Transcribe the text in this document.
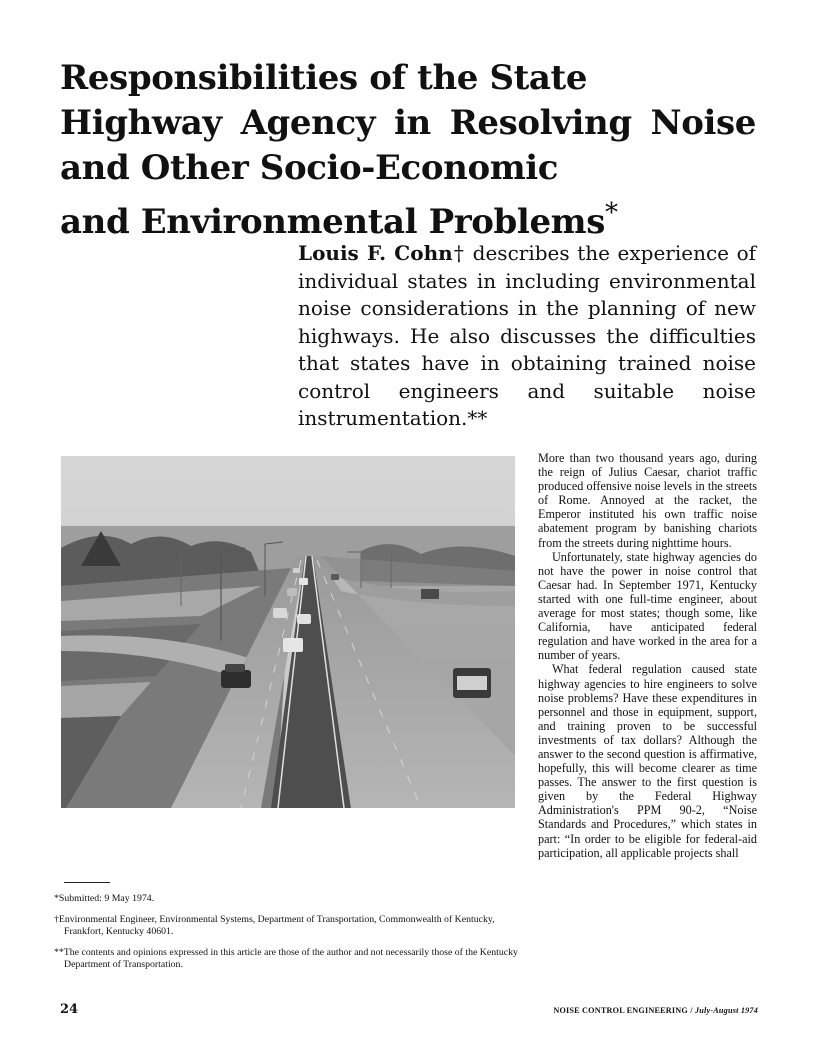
Responsibilities of the State
Highway Agency in Resolving Noise
and Other Socio-Economic
and Environmental Problems*

Louis F. Cohn† describes the experience of individual states in including environmental noise considerations in the planning of new highways. He also discusses the difficulties that states have in obtaining trained noise control engineers and suitable noise instrumentation.**

More than two thousand years ago, during the reign of Julius Caesar, chariot traffic produced offensive noise levels in the streets of Rome. Annoyed at the racket, the Emperor instituted his own traffic noise abatement program by banishing chariots from the streets during nighttime hours.

Unfortunately, state highway agencies do not have the power in noise control that Caesar had. In September 1971, Kentucky started with one full-time engineer, about average for most states; though some, like California, have anticipated federal regulation and have worked in the area for a number of years.

What federal regulation caused state highway agencies to hire engineers to solve noise problems? Have these expenditures in personnel and those in equipment, support, and training proven to be successful investments of tax dollars? Although the answer to the second question is affirmative, hopefully, this will become clearer as time passes. The answer to the first question is given by the Federal Highway Administration's PPM 90-2, “Noise Standards and Procedures,” which states in part: “In order to be eligible for federal-aid participation, all applicable projects shall

*Submitted: 9 May 1974.

†Environmental Engineer, Environmental Systems, Department of Transportation, Commonwealth of Kentucky, Frankfort, Kentucky 40601.

**The contents and opinions expressed in this article are those of the author and not necessarily those of the Kentucky Department of Transportation.

24	NOISE CONTROL ENGINEERING / July-August 1974
